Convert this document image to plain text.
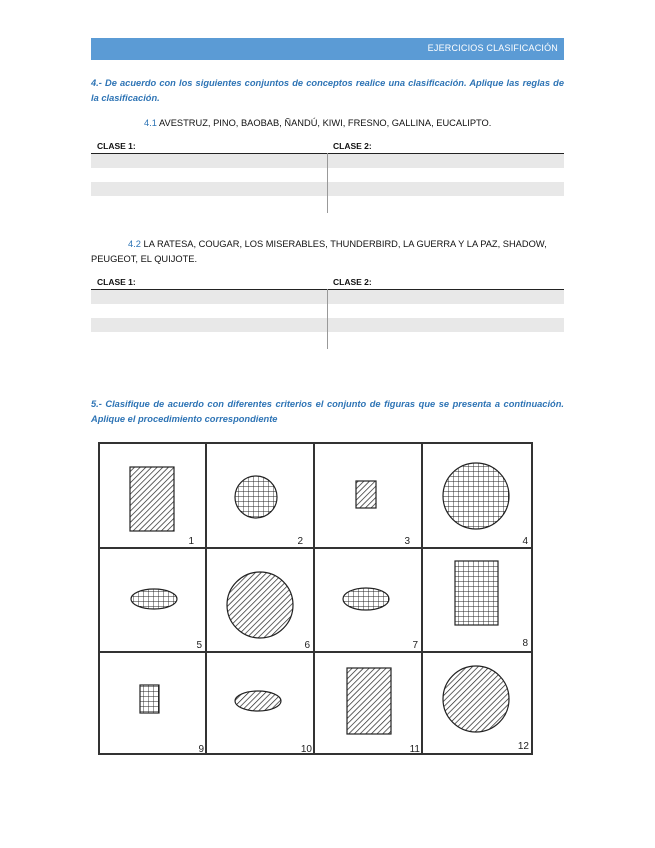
EJERCICIOS CLASIFICACIÓN
4.- De acuerdo con los siguientes conjuntos de conceptos realice una clasificación. Aplique las reglas de la clasificación.
4.1 AVESTRUZ, PINO, BAOBAB, ÑANDÚ, KIWI, FRESNO, GALLINA, EUCALIPTO.
CLASE 1:	CLASE 2:
4.2 LA RATESA, COUGAR, LOS MISERABLES, THUNDERBIRD, LA GUERRA Y LA PAZ, SHADOW,
PEUGEOT, EL QUIJOTE.
CLASE 1:	CLASE 2:
5.- Clasifique de acuerdo con diferentes criterios el conjunto de figuras que se presenta a continuación. Aplique el procedimiento correspondiente
1	2	3	4
5	6	7	8
9	10	11	12
